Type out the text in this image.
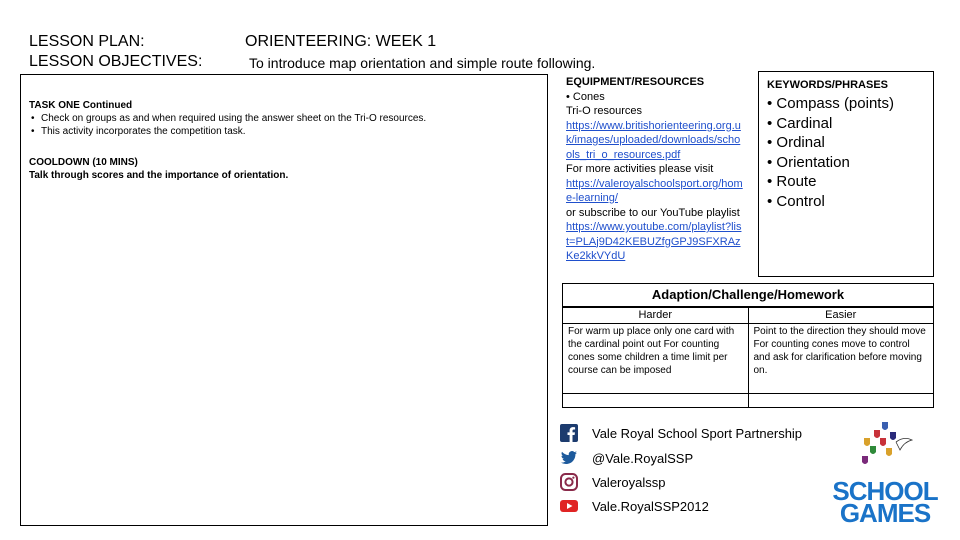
LESSON PLAN:
LESSON OBJECTIVES:
ORIENTEERING: WEEK 1
To introduce map orientation and simple route following.
TASK ONE Continued
• Check on groups as and when required using the answer sheet on the Tri-O resources.
• This activity incorporates the competition task.
COOLDOWN (10 MINS)
Talk through scores and the importance of orientation.
EQUIPMENT/RESOURCES
• Cones
Tri-O resources
https://www.britishorienteering.org.uk/images/uploaded/downloads/schools_tri_o_resources.pdf
For more activities please visit
https://valeroyalschoolsport.org/home-learning/
or subscribe to our YouTube playlist
https://www.youtube.com/playlist?list=PLAj9D42KEBUZfgGPJ9SFXRAzKe2kkVYdU
KEYWORDS/PHRASES
• Compass (points)
• Cardinal
• Ordinal
• Orientation
• Route
• Control
Adaption/Challenge/Homework
Harder	Easier
For warm up place only one card with the cardinal point out For counting cones some children a time limit per course can be imposed	Point to the direction they should move For counting cones move to control and ask for clarification before moving on.

Vale Royal School Sport Partnership
@Vale.RoyalSSP
Valeroyalssp
Vale.RoyalSSP2012	SCHOOL
GAMES
